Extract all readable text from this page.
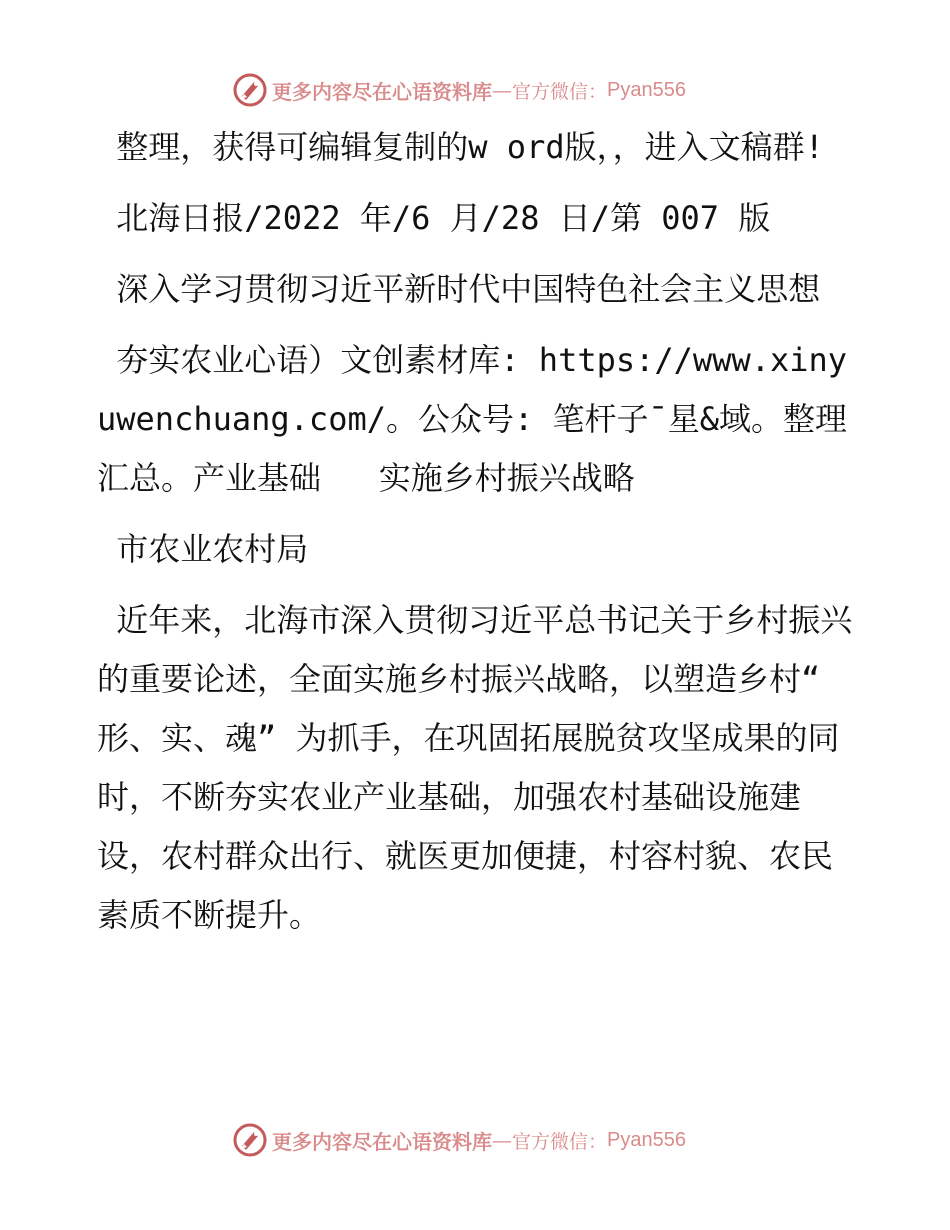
更多内容尽在心语资料库 — 官方微信： Pyan556

整理，获得可编辑复制的w ord版，，进入文稿群!

北海日报/2022 年/6 月/28 日/第 007 版

深入学习贯彻习近平新时代中国特色社会主义思想

夯实农业心语）文创素材库: https://www.xinyuwenchuang.com/。公众号: 笔杆子¯星&域。整理汇总。产业基础   实施乡村振兴战略

市农业农村局

近年来，北海市深入贯彻习近平总书记关于乡村振兴的重要论述，全面实施乡村振兴战略，以塑造乡村“ 形、实、魂” 为抓手，在巩固拓展脱贫攻坚成果的同时，不断夯实农业产业基础，加强农村基础设施建设，农村群众出行、就医更加便捷，村容村貌、农民素质不断提升。

更多内容尽在心语资料库 — 官方微信： Pyan556
